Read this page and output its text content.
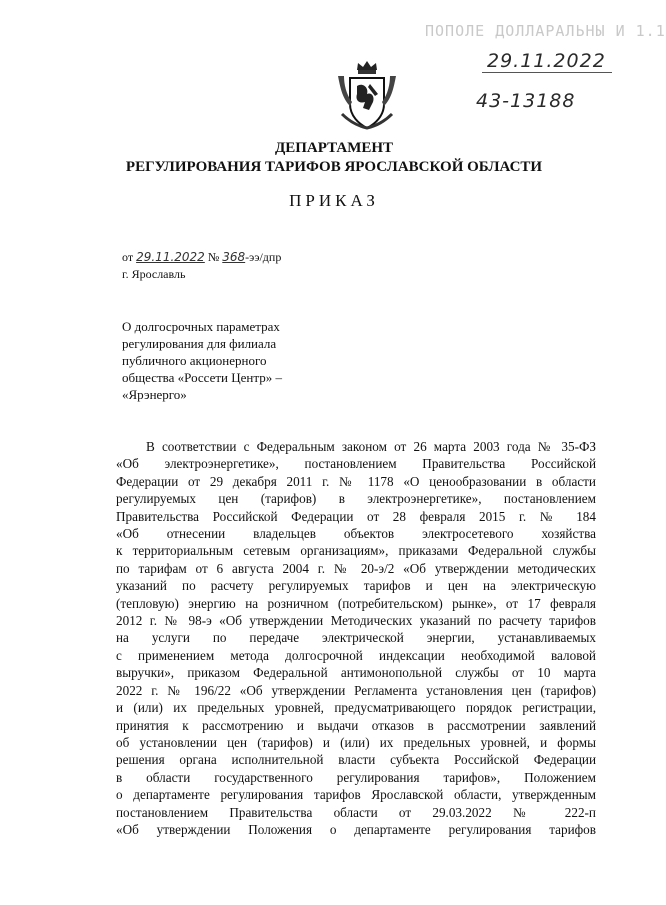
ПОПОЛЕ ДОЛЛАРАЛЬНЫ И 1.1
29.11.2022
43-13188
ДЕПАРТАМЕНТ
РЕГУЛИРОВАНИЯ ТАРИФОВ ЯРОСЛАВСКОЙ ОБЛАСТИ
ПРИКАЗ
от 29.11.2022 № 368-ээ/дпр
г. Ярославль
О долгосрочных параметрах
регулирования для филиала
публичного акционерного
общества «Россети Центр» –
«Ярэнерго»
В соответствии с Федеральным законом от 26 марта 2003 года № 35-ФЗ
«Об электроэнергетике», постановлением Правительства Российской
Федерации от 29 декабря 2011 г. № 1178 «О ценообразовании в области
регулируемых цен (тарифов) в электроэнергетике», постановлением
Правительства Российской Федерации от 28 февраля 2015 г. № 184
«Об отнесении владельцев объектов электросетевого хозяйства
к территориальным сетевым организациям», приказами Федеральной службы
по тарифам от 6 августа 2004 г. № 20-э/2 «Об утверждении методических
указаний по расчету регулируемых тарифов и цен на электрическую
(тепловую) энергию на розничном (потребительском) рынке», от 17 февраля
2012 г. № 98-э «Об утверждении Методических указаний по расчету тарифов
на услуги по передаче электрической энергии, устанавливаемых
с применением метода долгосрочной индексации необходимой валовой
выручки», приказом Федеральной антимонопольной службы от 10 марта
2022 г. № 196/22 «Об утверждении Регламента установления цен (тарифов)
и (или) их предельных уровней, предусматривающего порядок регистрации,
принятия к рассмотрению и выдачи отказов в рассмотрении заявлений
об установлении цен (тарифов) и (или) их предельных уровней, и формы
решения органа исполнительной власти субъекта Российской Федерации
в области государственного регулирования тарифов», Положением
о департаменте регулирования тарифов Ярославской области, утвержденным
постановлением Правительства области от 29.03.2022 № 222-п
«Об утверждении Положения о департаменте регулирования тарифов
